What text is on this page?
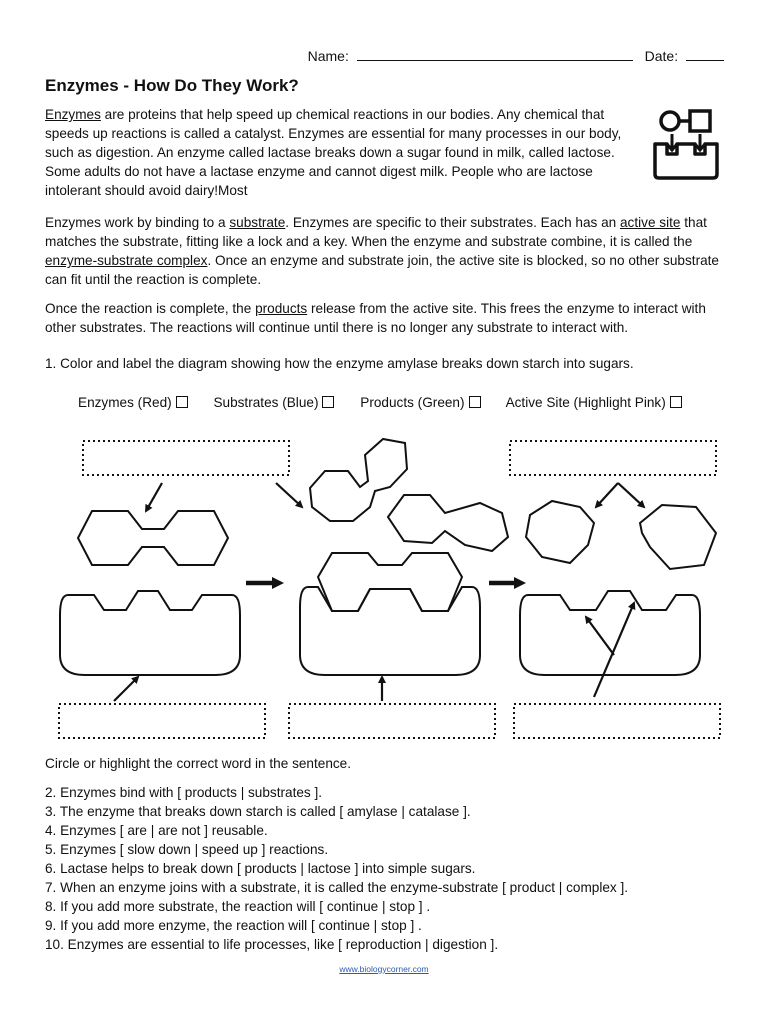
Name:	Date:
Enzymes - How Do They Work?
Enzymes are proteins that help speed up chemical reactions in our bodies. Any chemical that speeds up reactions is called a catalyst. Enzymes are essential for many processes in our body, such as digestion. An enzyme called lactase breaks down a sugar found in milk, called lactose. Some adults do not have a lactase enzyme and cannot digest milk. People who are lactose intolerant should avoid dairy!Most
Enzymes work by binding to a substrate. Enzymes are specific to their substrates. Each has an active site that matches the substrate, fitting like a lock and a key. When the enzyme and substrate combine, it is called the enzyme-substrate complex. Once an enzyme and substrate join, the active site is blocked, so no other substrate can fit until the reaction is complete.
Once the reaction is complete, the products release from the active site. This frees the enzyme to interact with other substrates. The reactions will continue until there is no longer any substrate to interact with.
1. Color and label the diagram showing how the enzyme amylase breaks down starch into sugars.
Enzymes (Red)	Substrates (Blue)	Products (Green)	Active Site (Highlight Pink)
Circle or highlight the correct word in the sentence.
2. Enzymes bind with [ products | substrates ].
3. The enzyme that breaks down starch is called [ amylase | catalase ].
4. Enzymes [ are | are not ] reusable.
5. Enzymes [ slow down | speed up ] reactions.
6. Lactase helps to break down [ products | lactose ] into simple sugars.
7. When an enzyme joins with a substrate, it is called the enzyme-substrate [ product | complex ].
8. If you add more substrate, the reaction will [ continue | stop ] .
9. If you add more enzyme, the reaction will [ continue | stop ] .
10. Enzymes are essential to life processes, like [ reproduction | digestion ].
www.biologycorner.com
